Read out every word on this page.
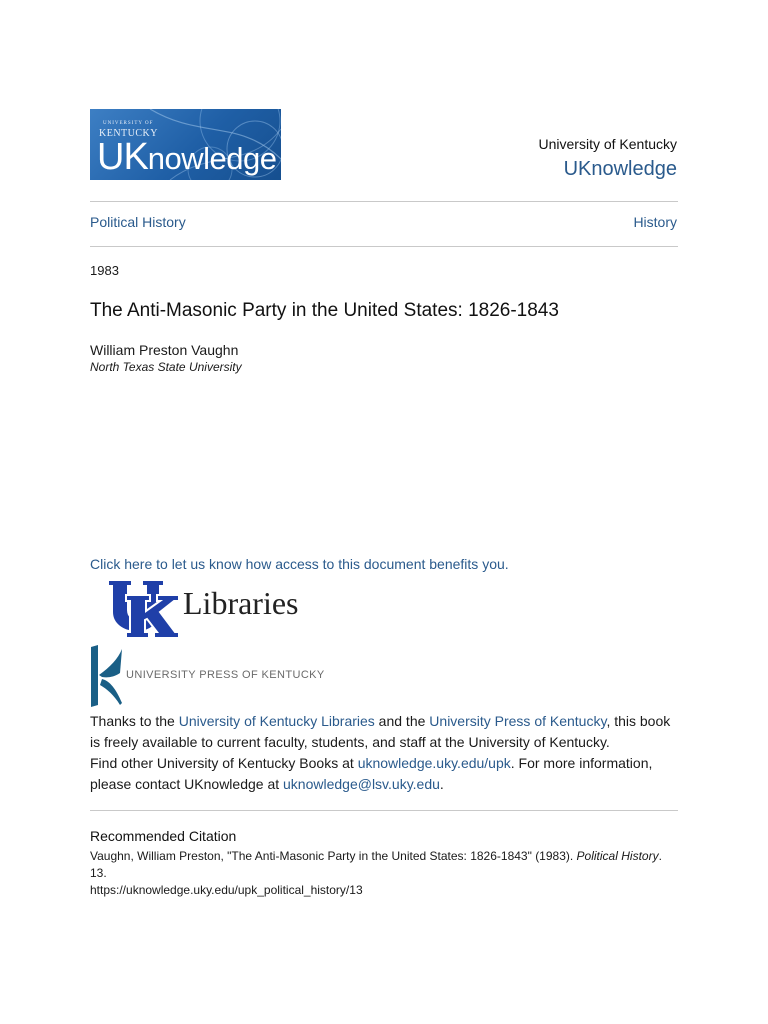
UNIVERSITY OF
KENTUCKY
UKnowledge	University of Kentucky
UKnowledge
Political History	History
1983
The Anti-Masonic Party in the United States: 1826-1843
William Preston Vaughn
North Texas State University
Click here to let us know how access to this document benefits you.
Libraries
UNIVERSITY PRESS OF KENTUCKY

Thanks to the University of Kentucky Libraries and the University Press of Kentucky, this book is freely available to current faculty, students, and staff at the University of Kentucky.

Find other University of Kentucky Books at uknowledge.uky.edu/upk. For more information, please contact UKnowledge at uknowledge@lsv.uky.edu.

Recommended Citation
Vaughn, William Preston, "The Anti-Masonic Party in the United States: 1826-1843" (1983). Political History. 13.
https://uknowledge.uky.edu/upk_political_history/13
